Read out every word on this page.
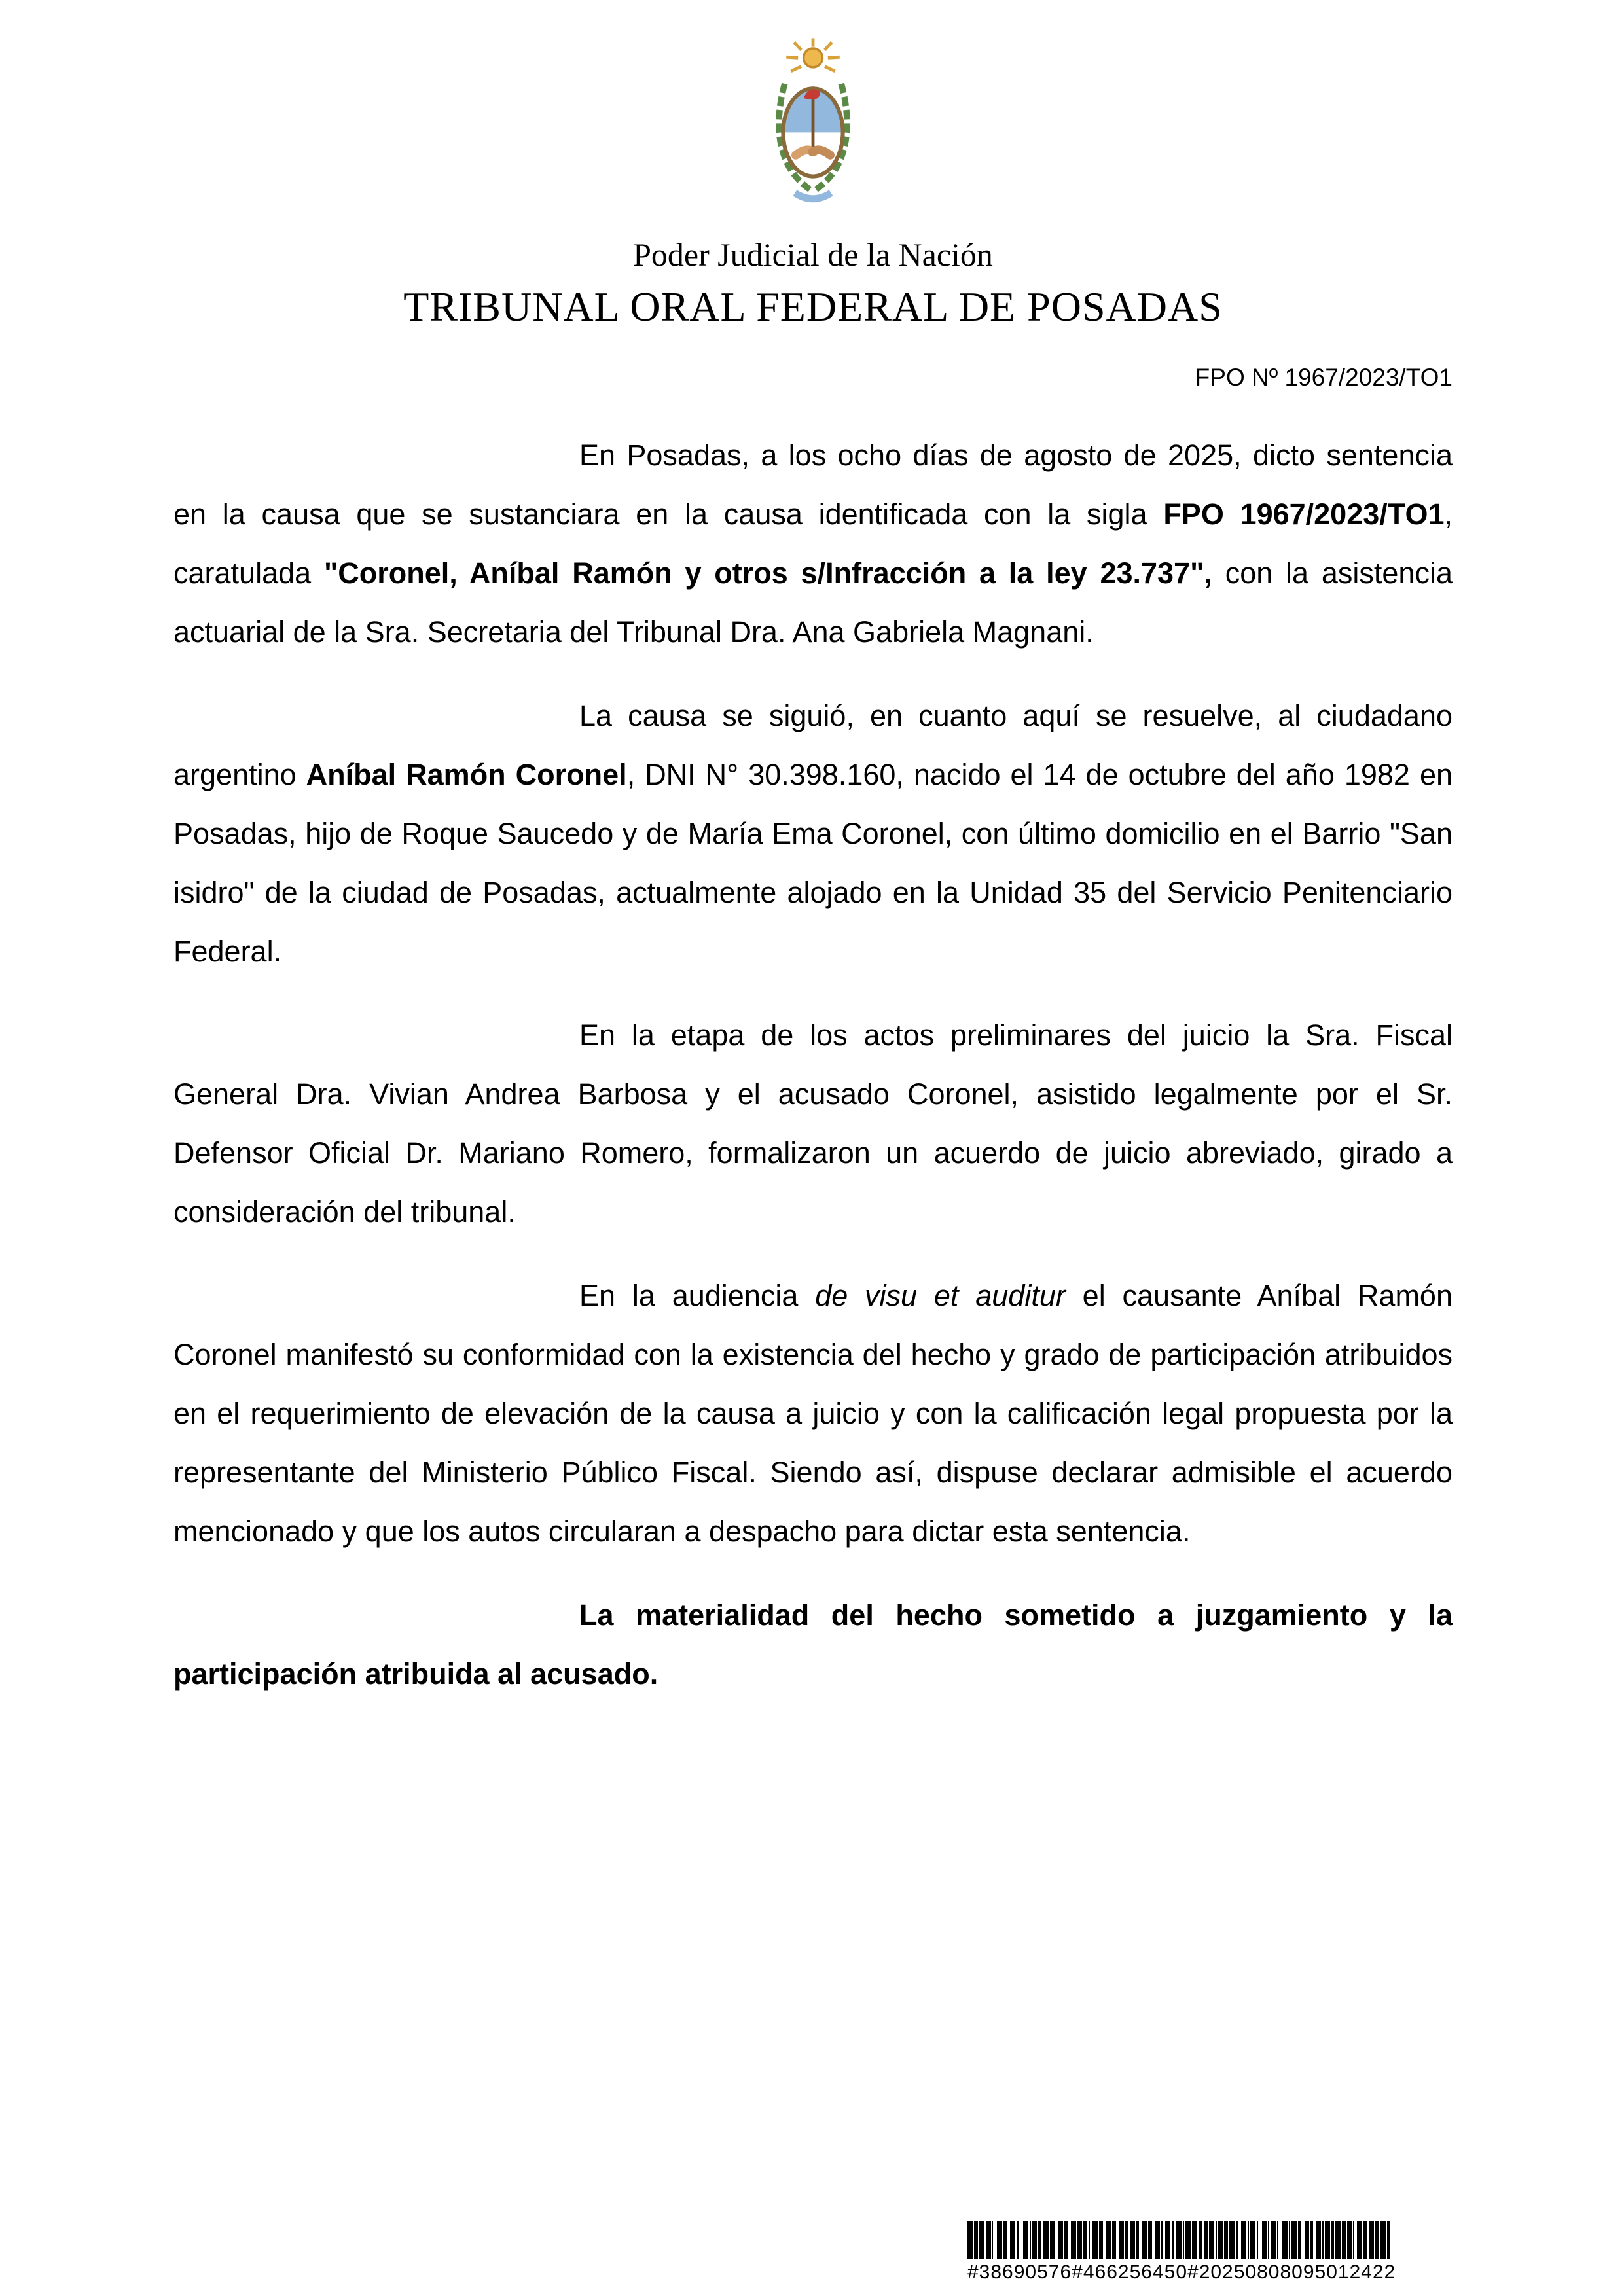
Poder Judicial de la Nación
TRIBUNAL ORAL FEDERAL DE POSADAS
FPO Nº 1967/2023/TO1

En Posadas, a los ocho días de agosto de 2025, dicto sentencia en la causa que se sustanciara en la causa identificada con la sigla FPO 1967/2023/TO1, caratulada "Coronel, Aníbal Ramón y otros s/Infracción a la ley 23.737", con la asistencia actuarial de la Sra. Secretaria del Tribunal Dra. Ana Gabriela Magnani.

La causa se siguió, en cuanto aquí se resuelve, al ciudadano argentino Aníbal Ramón Coronel, DNI N° 30.398.160, nacido el 14 de octubre del año 1982 en Posadas, hijo de Roque Saucedo y de María Ema Coronel, con último domicilio en el Barrio "San isidro" de la ciudad de Posadas, actualmente alojado en la Unidad 35 del Servicio Penitenciario Federal.

En la etapa de los actos preliminares del juicio la Sra. Fiscal General Dra. Vivian Andrea Barbosa y el acusado Coronel, asistido legalmente por el Sr. Defensor Oficial Dr. Mariano Romero, formalizaron un acuerdo de juicio abreviado, girado a consideración del tribunal.

En la audiencia de visu et auditur el causante Aníbal Ramón Coronel manifestó su conformidad con la existencia del hecho y grado de participación atribuidos en el requerimiento de elevación de la causa a juicio y con la calificación legal propuesta por la representante del Ministerio Público Fiscal. Siendo así, dispuse declarar admisible el acuerdo mencionado y que los autos circularan a despacho para dictar esta sentencia.

La materialidad del hecho sometido a juzgamiento y la participación atribuida al acusado.

#38690576#466256450#20250808095012422
